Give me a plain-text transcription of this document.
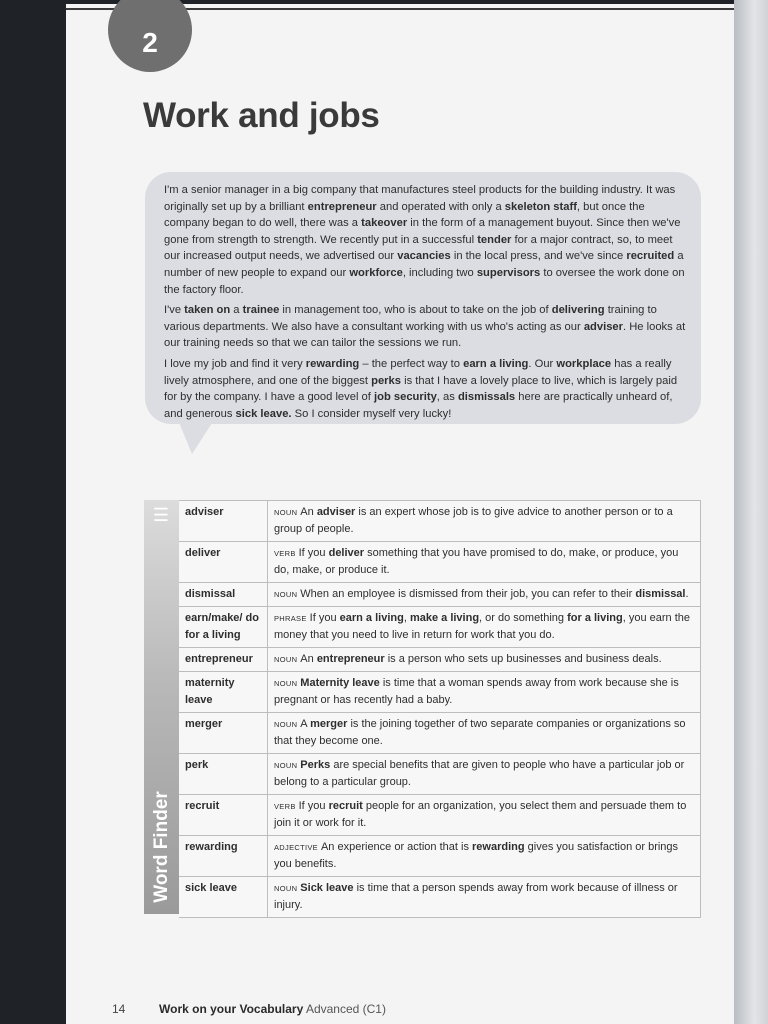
2
Work and jobs

I'm a senior manager in a big company that manufactures steel products for the building industry. It was originally set up by a brilliant entrepreneur and operated with only a skeleton staff, but once the company began to do well, there was a takeover in the form of a management buyout. Since then we've gone from strength to strength. We recently put in a successful tender for a major contract, so, to meet our increased output needs, we advertised our vacancies in the local press, and we've since recruited a number of new people to expand our workforce, including two supervisors to oversee the work done on the factory floor.

I've taken on a trainee in management too, who is about to take on the job of delivering training to various departments. We also have a consultant working with us who's acting as our adviser. He looks at our training needs so that we can tailor the sessions we run.

I love my job and find it very rewarding – the perfect way to earn a living. Our workplace has a really lively atmosphere, and one of the biggest perks is that I have a lovely place to live, which is largely paid for by the company. I have a good level of job security, as dismissals here are practically unheard of, and generous sick leave. So I consider myself very lucky!

☰
Word Finder
adviser	NOUN An adviser is an expert whose job is to give advice to another person or to a group of people.
deliver	VERB If you deliver something that you have promised to do, make, or produce, you do, make, or produce it.
dismissal	NOUN When an employee is dismissed from their job, you can refer to their dismissal.
earn/make/ do for a living	PHRASE If you earn a living, make a living, or do something for a living, you earn the money that you need to live in return for work that you do.
entrepreneur	NOUN An entrepreneur is a person who sets up businesses and business deals.
maternity leave	NOUN Maternity leave is time that a woman spends away from work because she is pregnant or has recently had a baby.
merger	NOUN A merger is the joining together of two separate companies or organizations so that they become one.
perk	NOUN Perks are special benefits that are given to people who have a particular job or belong to a particular group.
recruit	VERB If you recruit people for an organization, you select them and persuade them to join it or work for it.
rewarding	ADJECTIVE An experience or action that is rewarding gives you satisfaction or brings you benefits.
sick leave	NOUN Sick leave is time that a person spends away from work because of illness or injury.
14	Work on your Vocabulary Advanced (C1)
